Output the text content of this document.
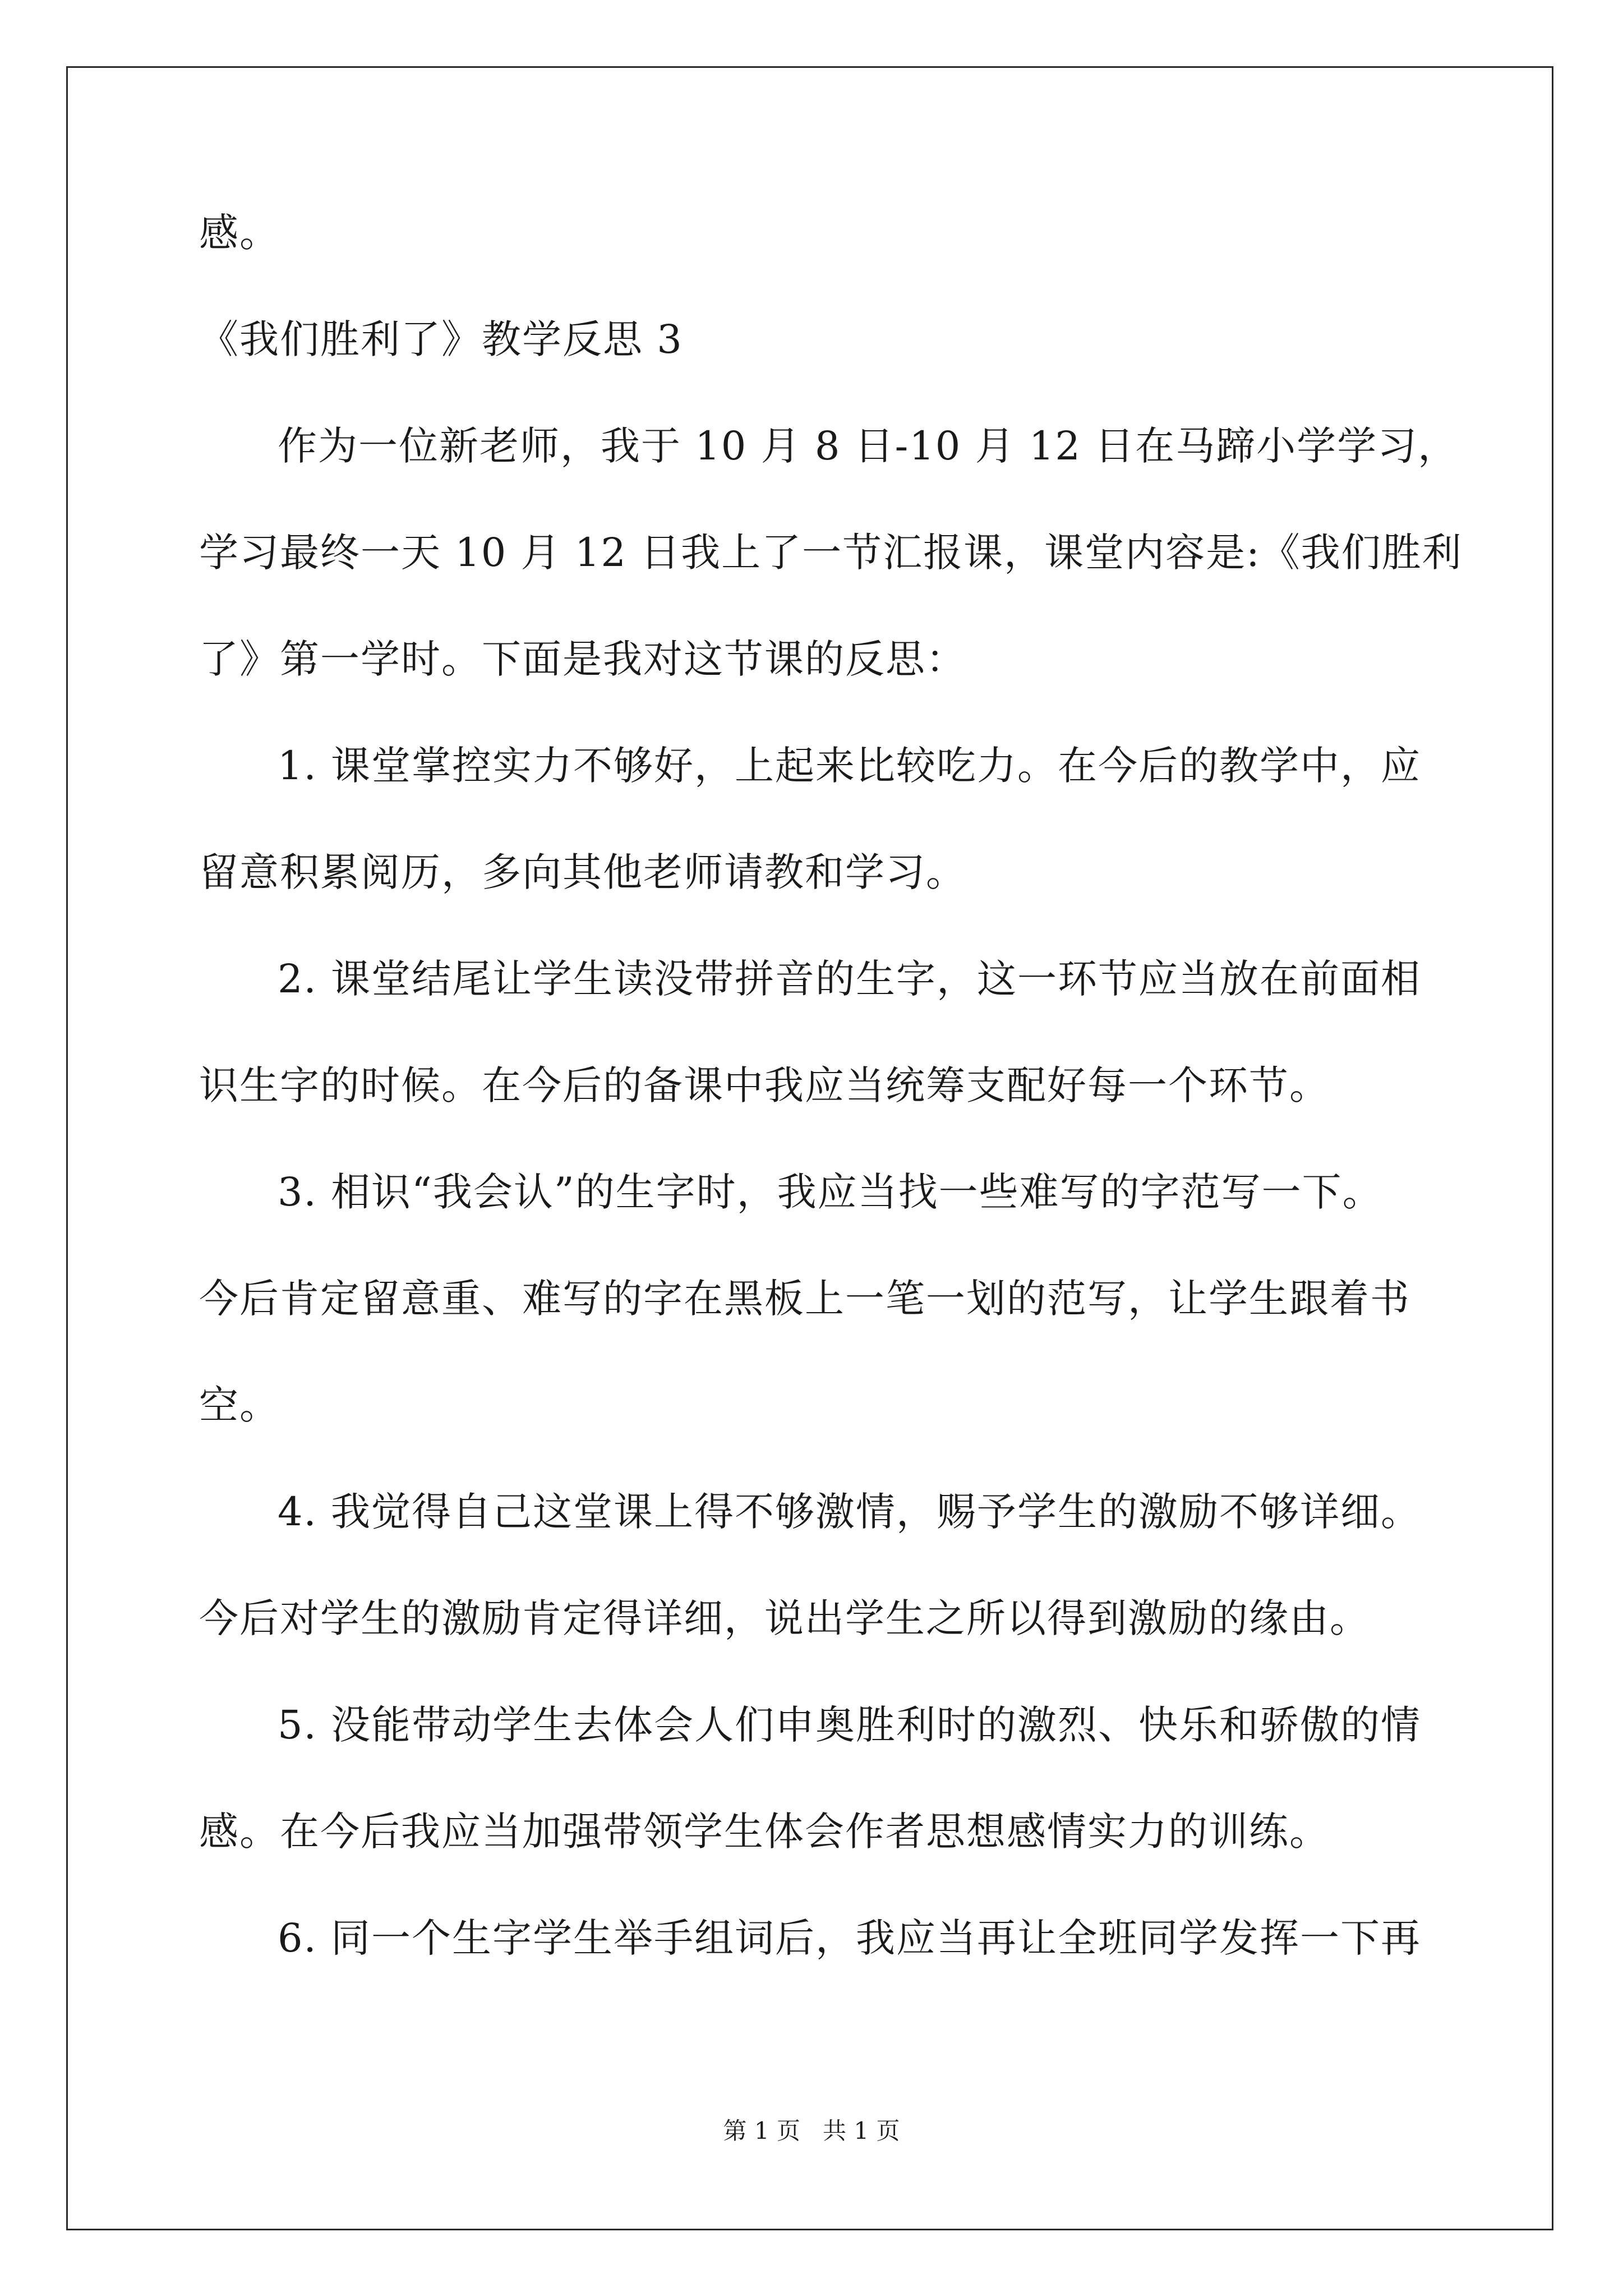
感。
《我们胜利了》教学反思 3
作为一位新老师，我于 10 月 8 日-10 月 12 日在马蹄小学学习，
学习最终一天 10 月 12 日我上了一节汇报课，课堂内容是:《我们胜利
了》第一学时。下面是我对这节课的反思：
1. 课堂掌控实力不够好，上起来比较吃力。在今后的教学中，应
留意积累阅历，多向其他老师请教和学习。
2. 课堂结尾让学生读没带拼音的生字，这一环节应当放在前面相
识生字的时候。在今后的备课中我应当统筹支配好每一个环节。
3. 相识“我会认”的生字时，我应当找一些难写的字范写一下。
今后肯定留意重、难写的字在黑板上一笔一划的范写，让学生跟着书
空。
4. 我觉得自己这堂课上得不够激情，赐予学生的激励不够详细。
今后对学生的激励肯定得详细，说出学生之所以得到激励的缘由。
5. 没能带动学生去体会人们申奥胜利时的激烈、快乐和骄傲的情
感。在今后我应当加强带领学生体会作者思想感情实力的训练。
6. 同一个生字学生举手组词后，我应当再让全班同学发挥一下再
第 1 页   共 1 页
